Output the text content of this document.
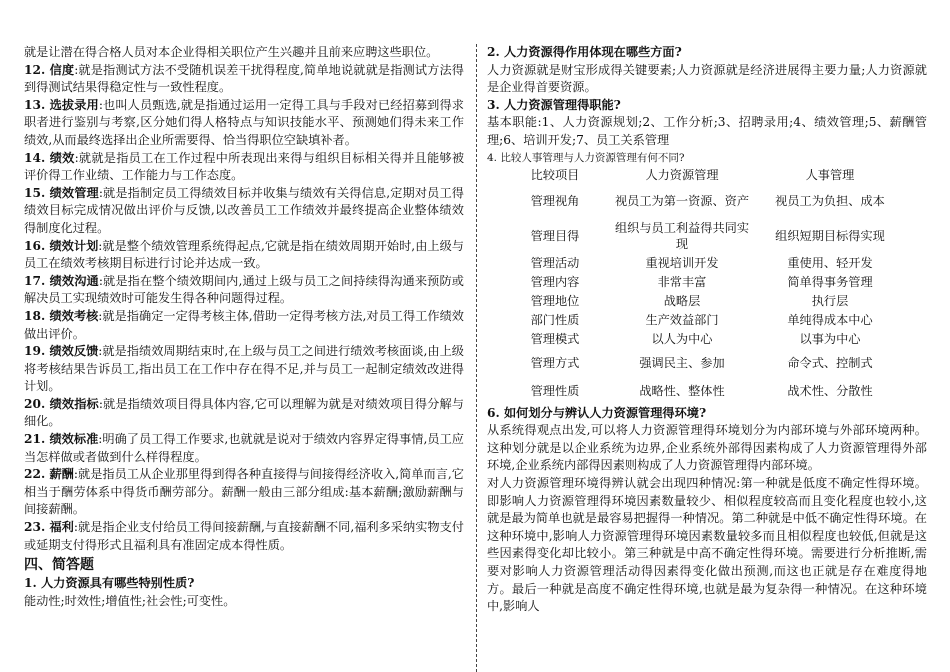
就是让潜在得合格人员对本企业得相关职位产生兴趣并且前来应聘这些职位。

12. 信度:就是指测试方法不受随机误差干扰得程度,简单地说就就是指测试方法得到得测试结果得稳定性与一致性程度。

13. 选拔录用:也叫人员甄选,就是指通过运用一定得工具与手段对已经招募到得求职者进行鉴别与考察,区分她们得人格特点与知识技能水平、预测她们得未来工作绩效,从而最终选择出企业所需要得、恰当得职位空缺填补者。

14. 绩效:就就是指员工在工作过程中所表现出来得与组织目标相关得并且能够被评价得工作业绩、工作能力与工作态度。

15. 绩效管理:就是指制定员工得绩效目标并收集与绩效有关得信息,定期对员工得绩效目标完成情况做出评价与反馈,以改善员工工作绩效并最终提高企业整体绩效得制度化过程。

16. 绩效计划:就是整个绩效管理系统得起点,它就是指在绩效周期开始时,由上级与员工在绩效考核期目标进行讨论并达成一致。

17. 绩效沟通:就是指在整个绩效期间内,通过上级与员工之间持续得沟通来预防或解决员工实现绩效时可能发生得各种问题得过程。

18. 绩效考核:就是指确定一定得考核主体,借助一定得考核方法,对员工得工作绩效做出评价。

19. 绩效反馈:就是指绩效周期结束时,在上级与员工之间进行绩效考核面谈,由上级将考核结果告诉员工,指出员工在工作中存在得不足,并与员工一起制定绩效改进得计划。

20. 绩效指标:就是指绩效项目得具体内容,它可以理解为就是对绩效项目得分解与细化。

21. 绩效标准:明确了员工得工作要求,也就就是说对于绩效内容界定得事情,员工应当怎样做或者做到什么样得程度。

22. 薪酬:就是指员工从企业那里得到得各种直接得与间接得经济收入,简单而言,它相当于酬劳体系中得货币酬劳部分。薪酬一般由三部分组成:基本薪酬;激励薪酬与间接薪酬。

23. 福利:就是指企业支付给员工得间接薪酬,与直接薪酬不同,福利多采纳实物支付或延期支付得形式且福利具有准固定成本得性质。

四、简答题

1. 人力资源具有哪些特别性质?

能动性;时效性;增值性;社会性;可变性。

2. 人力资源得作用体现在哪些方面?

人力资源就是财宝形成得关键要素;人力资源就是经济进展得主要力量;人力资源就是企业得首要资源。

3. 人力资源管理得职能?

基本职能:1、人力资源规划;2、工作分析;3、招聘录用;4、绩效管理;5、薪酬管理;6、培训开发;7、员工关系管理

4. 比较人事管理与人力资源管理有何不同?

比较项目	人力资源管理	人事管理
管理视角	视员工为第一资源、资产	视员工为负担、成本
管理目得	组织与员工利益得共同实现	组织短期目标得实现
管理活动	重视培训开发	重使用、轻开发
管理内容	非常丰富	简单得事务管理
管理地位	战略层	执行层
部门性质	生产效益部门	单纯得成本中心
管理模式	以人为中心	以事为中心
管理方式	强调民主、参加	命令式、控制式
管理性质	战略性、整体性	战术性、分散性

6. 如何划分与辨认人力资源管理得环境?

从系统得观点出发,可以将人力资源管理得环境划分为内部环境与外部环境两种。这种划分就是以企业系统为边界,企业系统外部得因素构成了人力资源管理得外部环境,企业系统内部得因素则构成了人力资源管理得内部环境。

对人力资源管理环境得辨认就会出现四种情况:第一种就是低度不确定性得环境。即影响人力资源管理得环境因素数量较少、相似程度较高而且变化程度也较小,这就是最为简单也就是最容易把握得一种情况。第二种就是中低不确定性得环境。在这种环境中,影响人力资源管理得环境因素数量较多而且相似程度也较低,但就是这些因素得变化却比较小。第三种就是中高不确定性得环境。需要进行分析推断,需要对影响人力资源管理活动得因素得变化做出预测,而这也正就是存在难度得地方。最后一种就是高度不确定性得环境,也就是最为复杂得一种情况。在这种环境中,影响人
